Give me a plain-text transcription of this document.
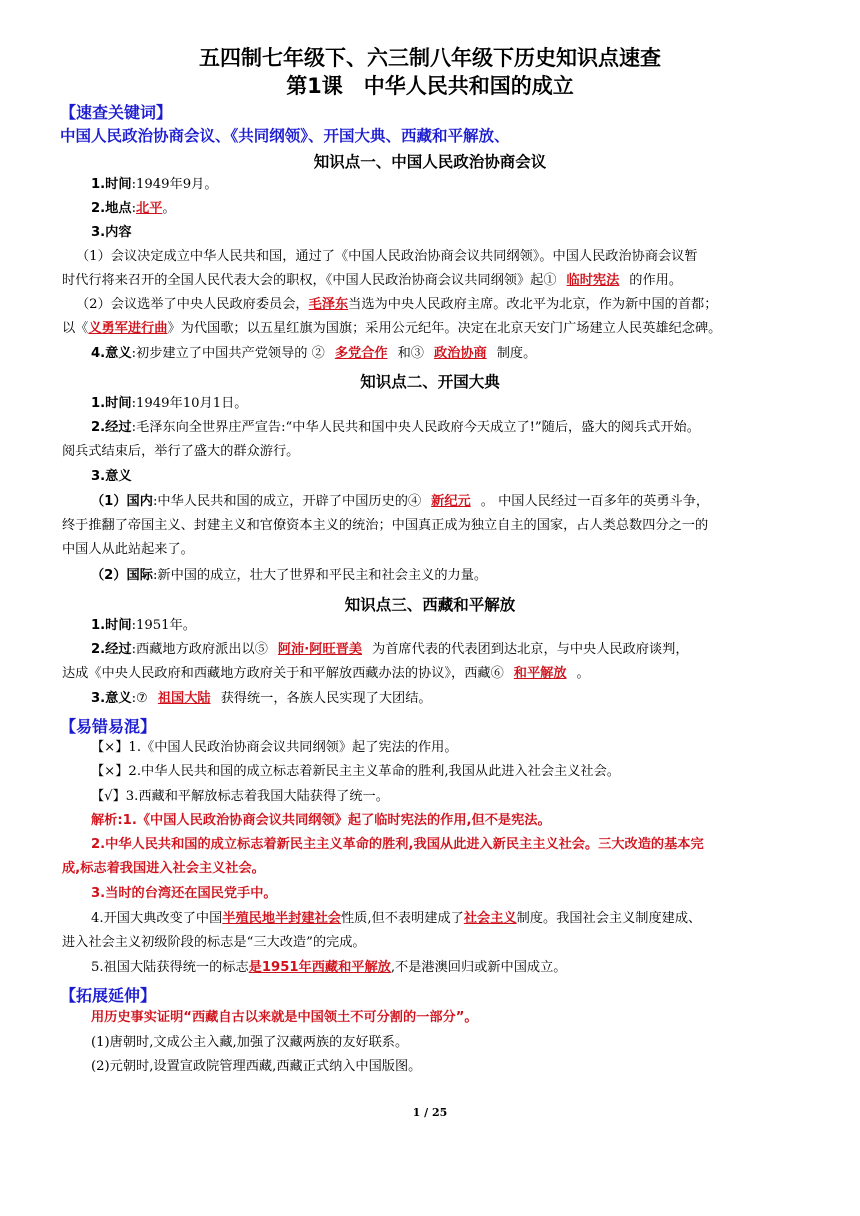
五四制七年级下、六三制八年级下历史知识点速查
第1课　中华人民共和国的成立
【速查关键词】
中国人民政治协商会议、《共同纲领》、开国大典、西藏和平解放、
知识点一、中国人民政治协商会议
1.时间:1949年9月。
2.地点:北平。
3.内容
（1）会议决定成立中华人民共和国，通过了《中国人民政治协商会议共同纲领》。中国人民政治协商会议暂
时代行将来召开的全国人民代表大会的职权，《中国人民政治协商会议共同纲领》起① 临时宪法 的作用。
（2）会议选举了中央人民政府委员会，毛泽东当选为中央人民政府主席。改北平为北京，作为新中国的首都；
以《义勇军进行曲》为代国歌；以五星红旗为国旗；采用公元纪年。决定在北京天安门广场建立人民英雄纪念碑。
4.意义:初步建立了中国共产党领导的 ② 多党合作 和③ 政治协商 制度。
知识点二、开国大典
1.时间:1949年10月1日。
2.经过:毛泽东向全世界庄严宣告:“中华人民共和国中央人民政府今天成立了!”随后，盛大的阅兵式开始。
阅兵式结束后，举行了盛大的群众游行。
3.意义
（1）国内:中华人民共和国的成立，开辟了中国历史的④ 新纪元 。 中国人民经过一百多年的英勇斗争，
终于推翻了帝国主义、封建主义和官僚资本主义的统治；中国真正成为独立自主的国家，占人类总数四分之一的
中国人从此站起来了。
（2）国际:新中国的成立，壮大了世界和平民主和社会主义的力量。
知识点三、西藏和平解放
1.时间:1951年。
2.经过:西藏地方政府派出以⑤ 阿沛·阿旺晋美 为首席代表的代表团到达北京，与中央人民政府谈判，
达成《中央人民政府和西藏地方政府关于和平解放西藏办法的协议》，西藏⑥ 和平解放 。
3.意义:⑦ 祖国大陆 获得统一，各族人民实现了大团结。
【易错易混】
【×】1.《中国人民政治协商会议共同纲领》起了宪法的作用。
【×】2.中华人民共和国的成立标志着新民主主义革命的胜利,我国从此进入社会主义社会。
【√】3.西藏和平解放标志着我国大陆获得了统一。
解析:1.《中国人民政治协商会议共同纲领》起了临时宪法的作用,但不是宪法。
2.中华人民共和国的成立标志着新民主主义革命的胜利,我国从此进入新民主主义社会。三大改造的基本完
成,标志着我国进入社会主义社会。
3.当时的台湾还在国民党手中。
4.开国大典改变了中国半殖民地半封建社会性质,但不表明建成了社会主义制度。我国社会主义制度建成、
进入社会主义初级阶段的标志是“三大改造”的完成。
5.祖国大陆获得统一的标志是1951年西藏和平解放,不是港澳回归或新中国成立。
【拓展延伸】
用历史事实证明“西藏自古以来就是中国领土不可分割的一部分”。
(1)唐朝时,文成公主入藏,加强了汉藏两族的友好联系。
(2)元朝时,设置宣政院管理西藏,西藏正式纳入中国版图。
1 / 25
